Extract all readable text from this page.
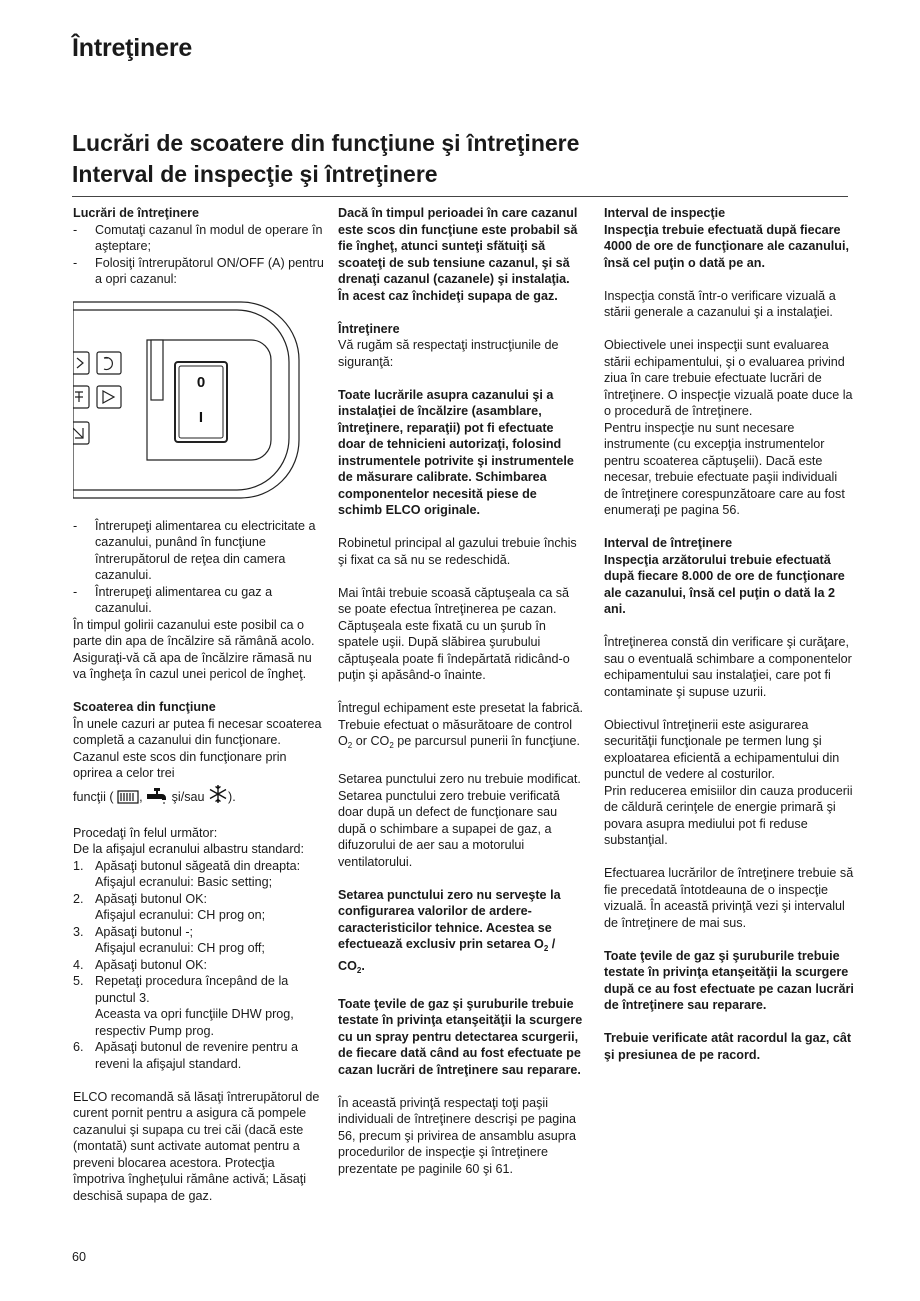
Întreţinere
Lucrări de scoatere din funcţiune şi întreţinere
Interval de inspecţie şi întreţinere

Lucrări de întreţinere

- Comutaţi cazanul în modul de operare în aşteptare;

- Folosiţi întrerupătorul ON/OFF (A) pentru a opri cazanul:

0
I

- Întrerupeţi alimentarea cu electricitate a cazanului, punând în funcţiune întrerupătorul de reţea din camera cazanului.

- Întrerupeţi alimentarea cu gaz a cazanului.

În timpul golirii cazanului este posibil ca o parte din apa de încălzire să rămână acolo. Asiguraţi-vă că apa de încălzire rămasă nu va îngheţa în cazul unei pericol de îngheţ.

Scoaterea din funcţiune

În unele cazuri ar putea fi necesar scoaterea completă a cazanului din funcţionare. Cazanul este scos din funcţionare prin oprirea a celor trei

funcţii ( , şi/sau ).

Procedaţi în felul următor:

De la afişajul ecranului albastru standard:

1. Apăsaţi butonul săgeată din dreapta:
Afişajul ecranului: Basic setting;

2. Apăsaţi butonul OK:
Afişajul ecranului: CH prog on;

3. Apăsaţi butonul -;
Afişajul ecranului: CH prog off;

4. Apăsaţi butonul OK:

5. Repetaţi procedura începând de la punctul 3.
Aceasta va opri funcţiile DHW prog, respectiv Pump prog.

6. Apăsaţi butonul de revenire pentru a reveni la afişajul standard.

ELCO recomandă să lăsaţi întrerupătorul de curent pornit pentru a asigura că pompele cazanului şi supapa cu trei căi (dacă este (montată) sunt activate automat pentru a preveni blocarea acestora. Protecţia împotriva îngheţului rămâne activă; Lăsaţi deschisă supapa de gaz.

Dacă în timpul perioadei în care cazanul este scos din funcţiune este probabil să fie îngheţ, atunci sunteţi sfătuiţi să scoateţi de sub tensiune cazanul, şi să drenaţi cazanul (cazanele) şi instalaţia. În acest caz închideţi supapa de gaz.

Întreţinere

Vă rugăm să respectaţi instrucţiunile de siguranţă:

Toate lucrările asupra cazanului şi a instalaţiei de încălzire (asamblare, întreţinere, reparaţii) pot fi efectuate doar de tehnicieni autorizaţi, folosind instrumentele potrivite şi instrumentele de măsurare calibrate. Schimbarea componentelor necesită piese de schimb ELCO originale.

Robinetul principal al gazului trebuie închis şi fixat ca să nu se redeschidă.

Mai întâi trebuie scoasă căptuşeala ca să se poate efectua întreţinerea pe cazan. Căptuşeala este fixată cu un şurub în spatele uşii. După slăbirea şurubului căptuşeala poate fi îndepărtată ridicând-o puţin şi apăsând-o înainte.

Întregul echipament este presetat la fabrică. Trebuie efectuat o măsurătoare de control $O_2$ or $CO_2$ pe parcursul punerii în funcţiune.

Setarea punctului zero nu trebuie modificat. Setarea punctului zero trebuie verificată doar după un defect de funcţionare sau după o schimbare a supapei de gaz, a difuzorului de aer sau a motorului ventilatorului.

Setarea punctului zero nu serveşte la configurarea valorilor de ardere-caracteristicilor tehnice. Acestea se efectuează exclusiv prin setarea $O_2 / CO_2$.

Toate ţevile de gaz şi şuruburile trebuie testate în privinţa etanşeităţii la scurgere cu un spray pentru detectarea scurgerii, de fiecare dată când au fost efectuate pe cazan lucrări de întreţinere sau reparare.

În această privinţă respectaţi toţi paşii individuali de întreţinere descrişi pe pagina 56, precum şi privirea de ansamblu asupra procedurilor de inspecţie şi întreţinere prezentate pe paginile 60 şi 61.

Interval de inspecţie

Inspecţia trebuie efectuată după fiecare 4000 de ore de funcţionare ale cazanului, însă cel puţin o dată pe an.

Inspecţia constă într-o verificare vizuală a stării generale a cazanului şi a instalaţiei.

Obiectivele unei inspecţii sunt evaluarea stării echipamentului, şi o evaluarea privind ziua în care trebuie efectuate lucrări de întreţinere. O inspecţie vizuală poate duce la o procedură de întreţinere.

Pentru inspecţie nu sunt necesare instrumente (cu excepţia instrumentelor pentru scoaterea căptuşelii). Dacă este necesar, trebuie efectuate paşii individuali de întreţinere corespunzătoare care au fost enumeraţi pe pagina 56.

Interval de întreţinere

Inspecţia arzătorului trebuie efectuată după fiecare 8.000 de ore de funcţionare ale cazanului, însă cel puţin o dată la 2 ani.

Întreţinerea constă din verificare şi curăţare, sau o eventuală schimbare a componentelor echipamentului sau instalaţiei, care pot fi contaminate şi supuse uzurii.

Obiectivul întreţinerii este asigurarea securităţii funcţionale pe termen lung şi exploatarea eficientă a echipamentului din punctul de vedere al costurilor.

Prin reducerea emisiilor din cauza producerii de căldură cerinţele de energie primară şi povara asupra mediului pot fi reduse substanţial.

Efectuarea lucrărilor de întreţinere trebuie să fie precedată întotdeauna de o inspecţie vizuală. În această privinţă vezi şi intervalul de întreţinere de mai sus.

Toate ţevile de gaz şi şuruburile trebuie testate în privinţa etanşeităţii la scurgere după ce au fost efectuate pe cazan lucrări de întreţinere sau reparare.

Trebuie verificate atât racordul la gaz, cât şi presiunea de pe racord.

60
